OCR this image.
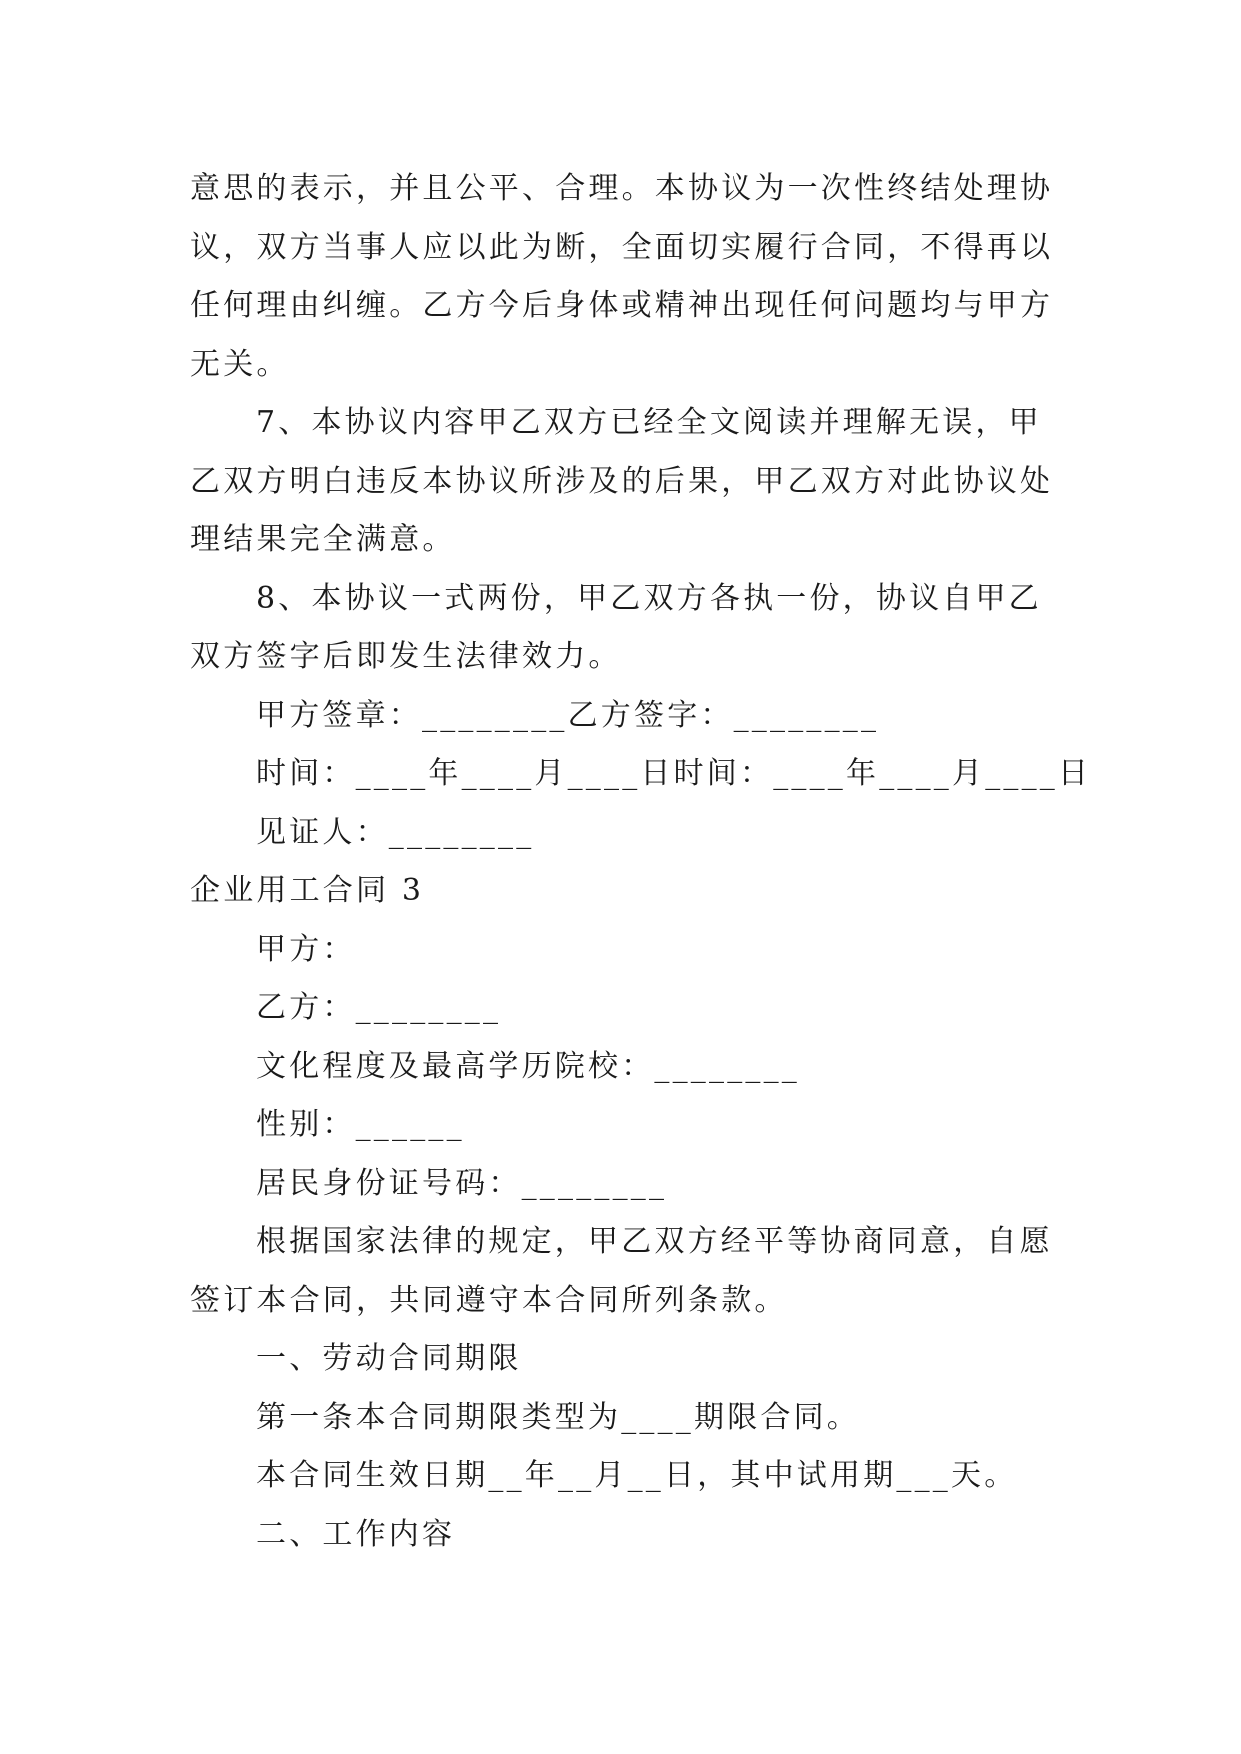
意思的表示，并且公平、合理。本协议为一次性终结处理协
议，双方当事人应以此为断，全面切实履行合同，不得再以
任何理由纠缠。乙方今后身体或精神出现任何问题均与甲方
无关。
7、本协议内容甲乙双方已经全文阅读并理解无误，甲
乙双方明白违反本协议所涉及的后果，甲乙双方对此协议处
理结果完全满意。
8、本协议一式两份，甲乙双方各执一份，协议自甲乙
双方签字后即发生法律效力。
甲方签章：________乙方签字：________
时间：____年____月____日时间：____年____月____日
见证人：________
企业用工合同 3
甲方：
乙方：________
文化程度及最高学历院校：________
性别：______
居民身份证号码：________
根据国家法律的规定，甲乙双方经平等协商同意，自愿
签订本合同，共同遵守本合同所列条款。
一、劳动合同期限
第一条本合同期限类型为____期限合同。
本合同生效日期__年__月__日，其中试用期___天。
二、工作内容
